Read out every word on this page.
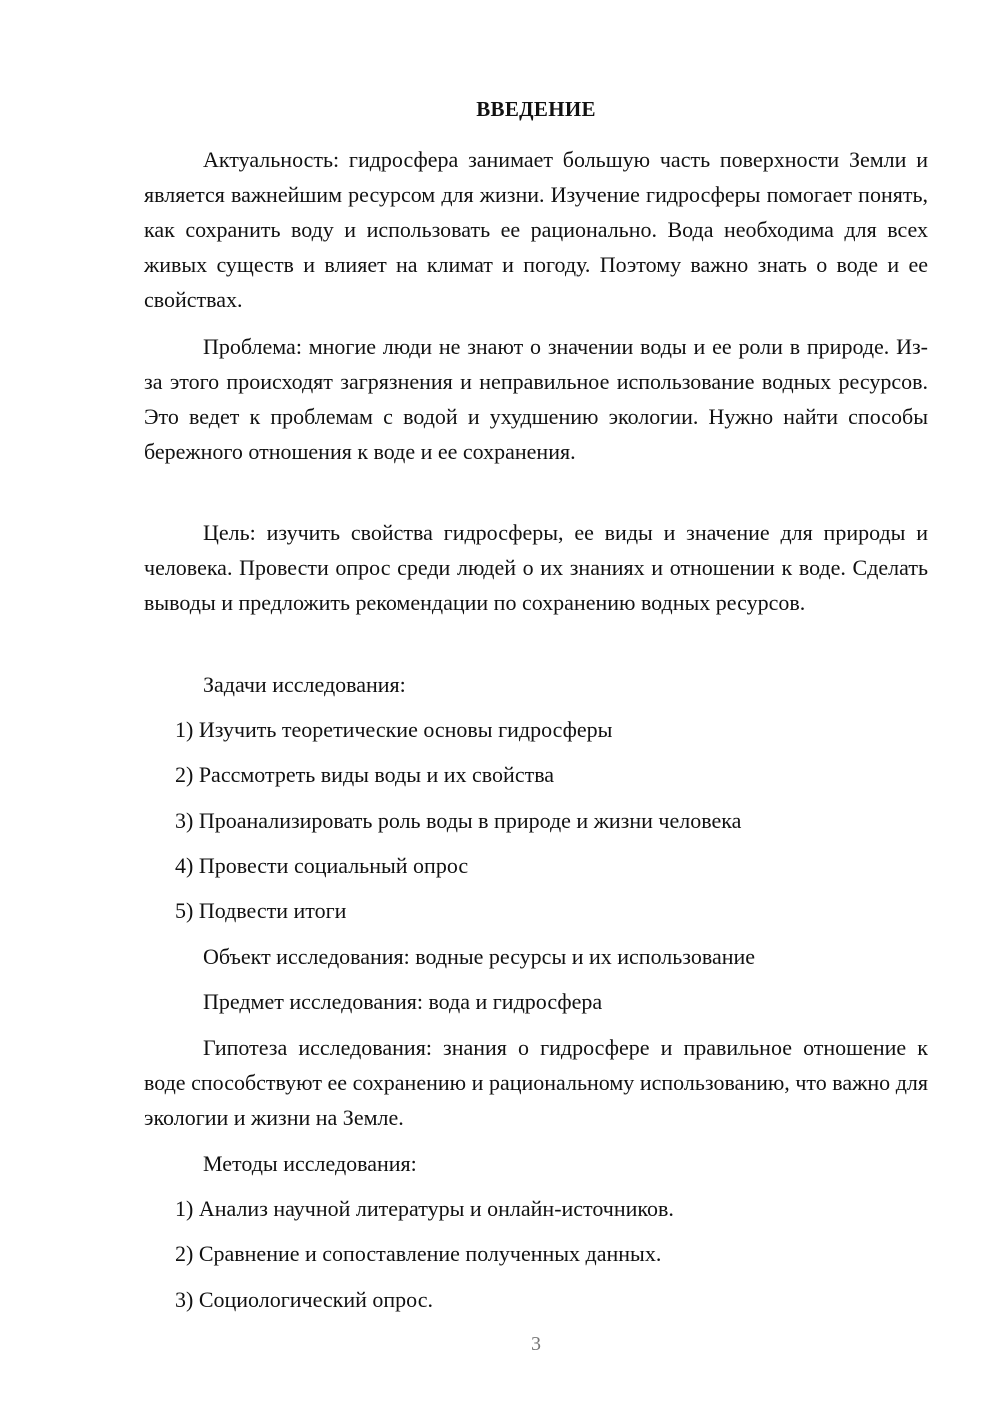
ВВЕДЕНИЕ

Актуальность: гидросфера занимает большую часть поверхности Земли и является важнейшим ресурсом для жизни. Изучение гидросферы помогает понять, как сохранить воду и использовать ее рационально. Вода необходима для всех живых существ и влияет на климат и погоду. Поэтому важно знать о воде и ее свойствах.

Проблема: многие люди не знают о значении воды и ее роли в природе. Из-за этого происходят загрязнения и неправильное использование водных ресурсов. Это ведет к проблемам с водой и ухудшению экологии. Нужно найти способы бережного отношения к воде и ее сохранения.

Цель: изучить свойства гидросферы, ее виды и значение для природы и человека. Провести опрос среди людей о их знаниях и отношении к воде. Сделать выводы и предложить рекомендации по сохранению водных ресурсов.

Задачи исследования:

1) Изучить теоретические основы гидросферы

2) Рассмотреть виды воды и их свойства

3) Проанализировать роль воды в природе и жизни человека

4) Провести социальный опрос

5) Подвести итоги

Объект исследования: водные ресурсы и их использование

Предмет исследования: вода и гидросфера

Гипотеза исследования: знания о гидросфере и правильное отношение к воде способствуют ее сохранению и рациональному использованию, что важно для экологии и жизни на Земле.

Методы исследования:

1) Анализ научной литературы и онлайн-источников.

2) Сравнение и сопоставление полученных данных.

3) Социологический опрос.

3
